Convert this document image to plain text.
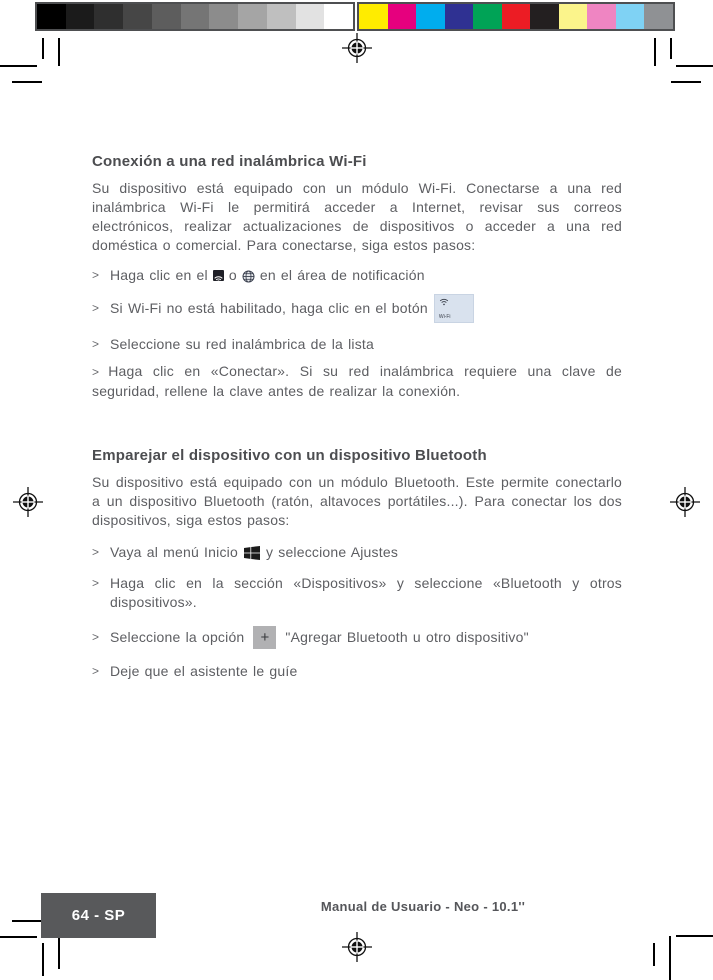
Conexión a una red inalámbrica Wi-Fi

Su dispositivo está equipado con un módulo Wi-Fi. Conectarse a una red inalámbrica Wi-Fi le permitirá acceder a Internet, revisar sus correos electrónicos, realizar actualizaciones de dispositivos o acceder a una red doméstica o comercial. Para conectarse, siga estos pasos:

> Haga clic en el o en el área de notificación
> Si Wi-Fi no está habilitado, haga clic en el botón
Wi-Fi
> Seleccione su red inalámbrica de la lista

> Haga clic en «Conectar». Si su red inalámbrica requiere una clave de seguridad, rellene la clave antes de realizar la conexión.

Emparejar el dispositivo con un dispositivo Bluetooth

Su dispositivo está equipado con un módulo Bluetooth. Este permite conectarlo a un dispositivo Bluetooth (ratón, altavoces portátiles...). Para conectar los dos dispositivos, siga estos pasos:

> Vaya al menú Inicio y seleccione Ajustes
> Haga clic en la sección «Dispositivos» y seleccione «Bluetooth y otros dispositivos».
> Seleccione la opción	+	"Agregar Bluetooth u otro dispositivo"
> Deje que el asistente le guíe
64 - SP
Manual de Usuario - Neo - 10.1''
